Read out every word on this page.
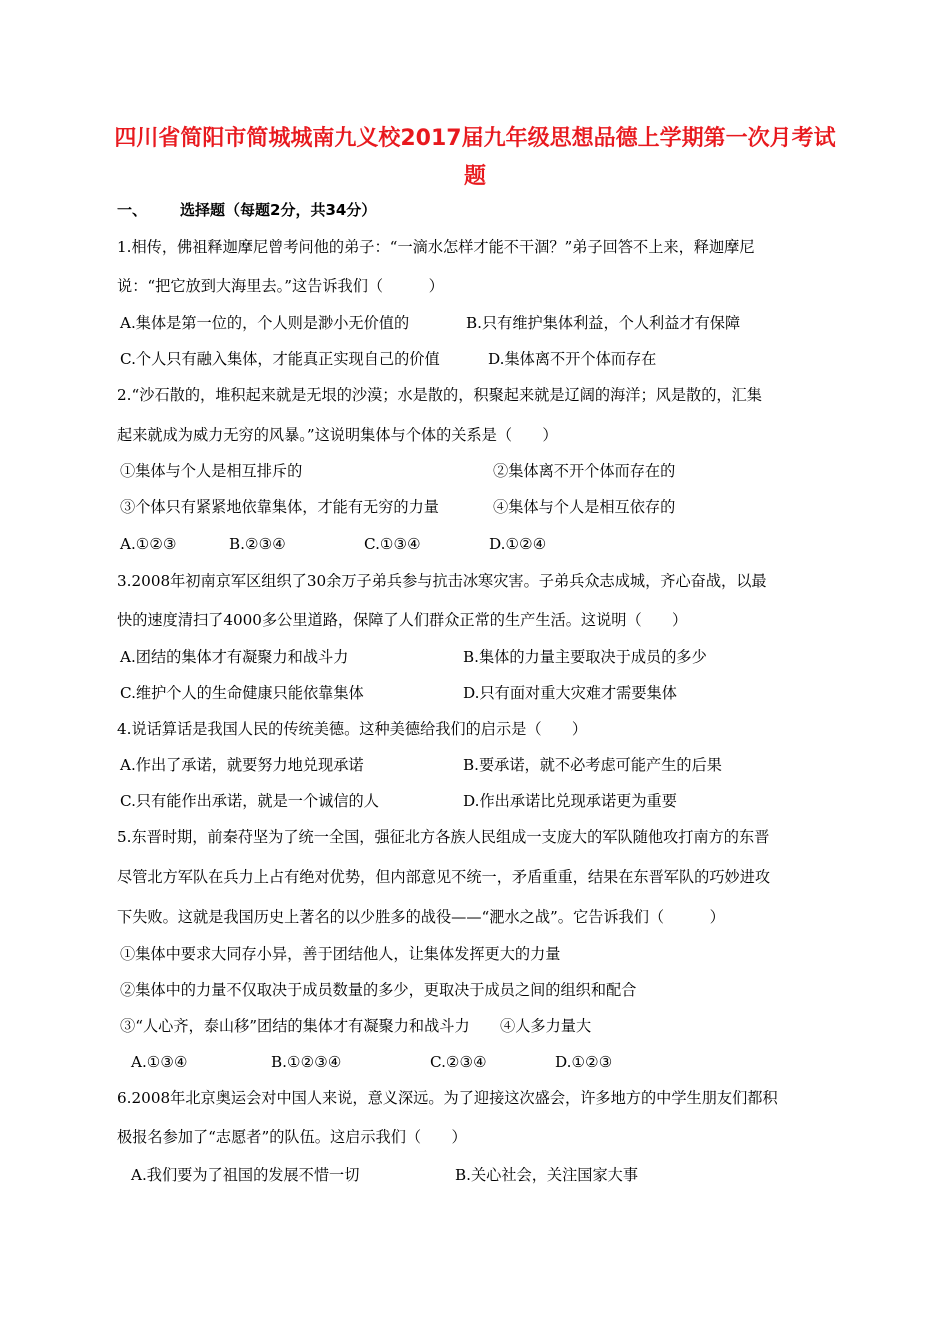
四川省简阳市简城城南九义校2017届九年级思想品德上学期第一次月考试
题
一、 选择题（每题2分，共34分）
1.相传，佛祖释迦摩尼曾考问他的弟子：“一滴水怎样才能不干涸？”弟子回答不上来，释迦摩尼
说：“把它放到大海里去。”这告诉我们（　　　）
A.集体是第一位的，个人则是渺小无价值的	B.只有维护集体利益，个人利益才有保障
C.个人只有融入集体，才能真正实现自己的价值	D.集体离不开个体而存在
2.“沙石散的，堆积起来就是无垠的沙漠；水是散的，积聚起来就是辽阔的海洋；风是散的，汇集
起来就成为威力无穷的风暴。”这说明集体与个体的关系是（　　）
①集体与个人是相互排斥的	②集体离不开个体而存在的
③个体只有紧紧地依靠集体，才能有无穷的力量	④集体与个人是相互依存的
A.①②③	B.②③④	C.①③④	D.①②④
3.2008年初南京军区组织了30余万子弟兵参与抗击冰寒灾害。子弟兵众志成城，齐心奋战，以最
快的速度清扫了4000多公里道路，保障了人们群众正常的生产生活。这说明（　　）
A.团结的集体才有凝聚力和战斗力	B.集体的力量主要取决于成员的多少
C.维护个人的生命健康只能依靠集体	D.只有面对重大灾难才需要集体
4.说话算话是我国人民的传统美德。这种美德给我们的启示是（　　）
A.作出了承诺，就要努力地兑现承诺	B.要承诺，就不必考虑可能产生的后果
C.只有能作出承诺，就是一个诚信的人	D.作出承诺比兑现承诺更为重要
5.东晋时期，前秦苻坚为了统一全国，强征北方各族人民组成一支庞大的军队随他攻打南方的东晋
尽管北方军队在兵力上占有绝对优势，但内部意见不统一，矛盾重重，结果在东晋军队的巧妙进攻
下失败。这就是我国历史上著名的以少胜多的战役——“淝水之战”。它告诉我们（　　　）
①集体中要求大同存小异，善于团结他人，让集体发挥更大的力量
②集体中的力量不仅取决于成员数量的多少，更取决于成员之间的组织和配合
③“人心齐，泰山移”团结的集体才有凝聚力和战斗力　　④人多力量大
A.①③④	B.①②③④	C.②③④	D.①②③
6.2008年北京奥运会对中国人来说，意义深远。为了迎接这次盛会，许多地方的中学生朋友们都积
极报名参加了“志愿者”的队伍。这启示我们（　　）
A.我们要为了祖国的发展不惜一切	B.关心社会，关注国家大事
